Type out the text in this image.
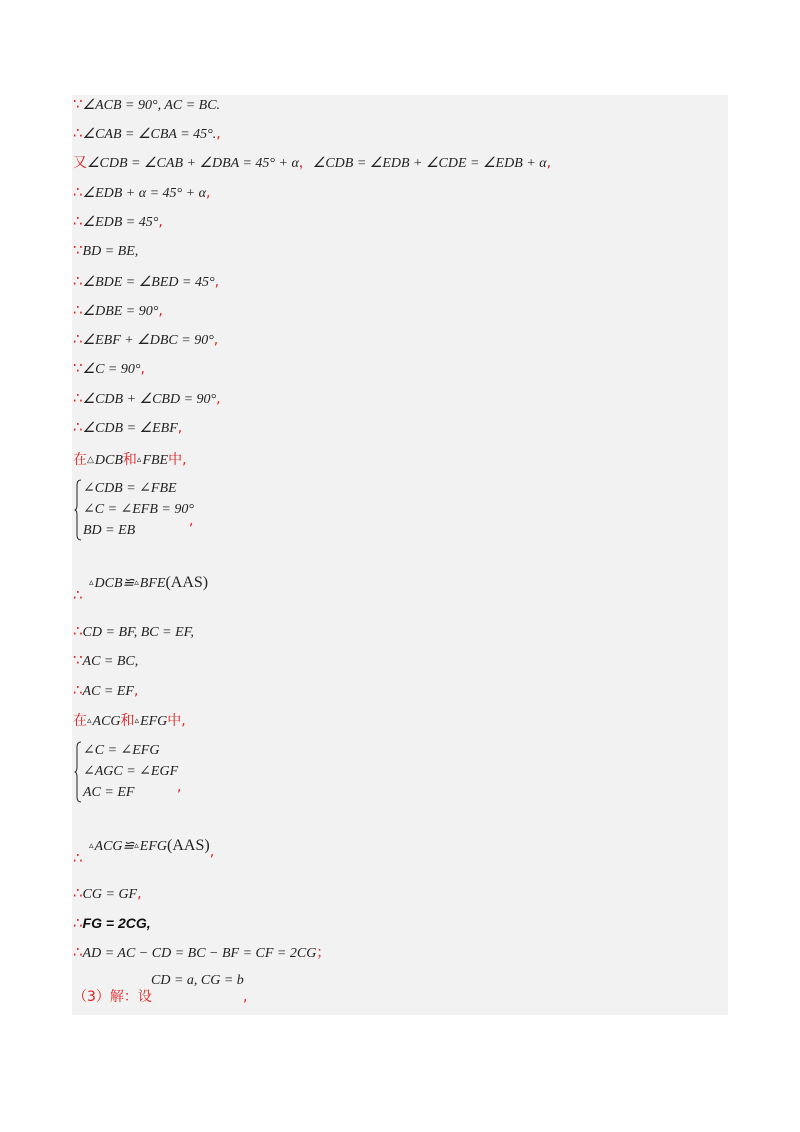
∵∠ACB = 90°, AC = BC.
∴∠CAB = ∠CBA = 45°.,
又∠CDB = ∠CAB + ∠DBA = 45° + α，∠CDB = ∠EDB + ∠CDE = ∠EDB + α,
∴∠EDB + α = 45° + α,
∴∠EDB = 45°,
∵BD = BE,
∴∠BDE = ∠BED = 45°,
∴∠DBE = 90°,
∴∠EBF + ∠DBC = 90°,
∵∠C = 90°,
∴∠CDB + ∠CBD = 90°,
∴∠CDB = ∠EBF,
在△DCB和▵FBE中,
∠CDB = ∠FBE
∠C = ∠EFB = 90°
BD = EB
,
▵DCB≌▵BFE(AAS)
∴
∴CD = BF, BC = EF,
∵AC = BC,
∴AC = EF,
在▵ACG和▵EFG中,
∠C = ∠EFG
∠AGC = ∠EGF
AC = EF	,
▵ACG≌▵EFG(AAS),
∴
∴CG = GF,
∴FG = 2CG,
∴AD = AC − CD = BC − BF = CF = 2CG；
（3）解：设
CD = a, CG = b
,
